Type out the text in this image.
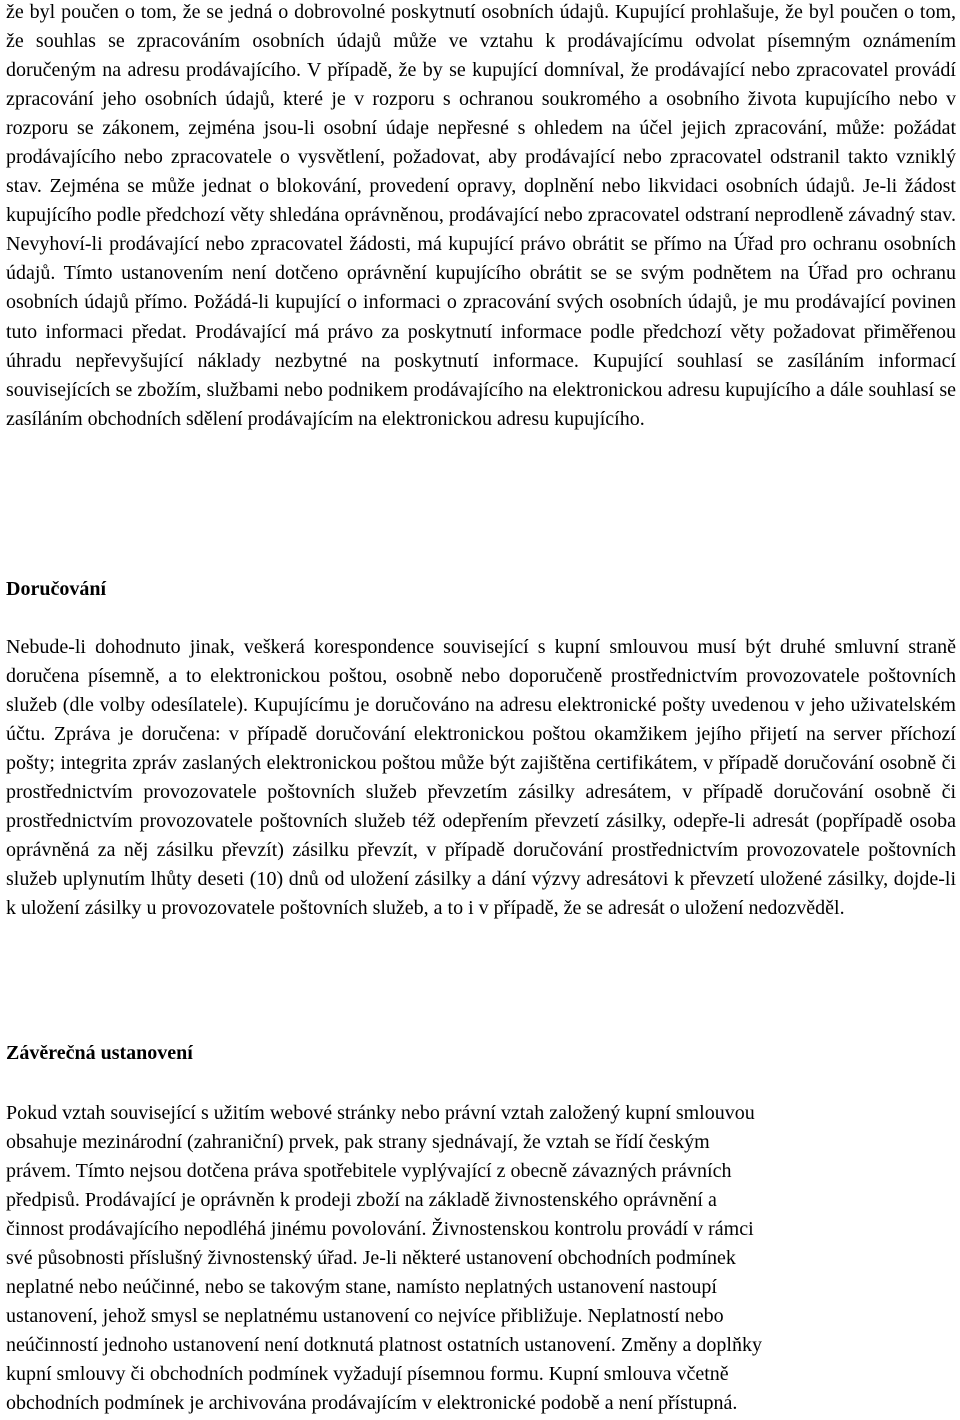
že byl poučen o tom, že se jedná o dobrovolné poskytnutí osobních údajů. Kupující prohlašuje, že byl poučen o tom, že souhlas se zpracováním osobních údajů může ve vztahu k prodávajícímu odvolat písemným oznámením doručeným na adresu prodávajícího. V případě, že by se kupující domníval, že prodávající nebo zpracovatel provádí zpracování jeho osobních údajů, které je v rozporu s ochranou soukromého a osobního života kupujícího nebo v rozporu se zákonem, zejména jsou-li osobní údaje nepřesné s ohledem na účel jejich zpracování, může: požádat prodávajícího nebo zpracovatele o vysvětlení, požadovat, aby prodávající nebo zpracovatel odstranil takto vzniklý stav. Zejména se může jednat o blokování, provedení opravy, doplnění nebo likvidaci osobních údajů. Je-li žádost kupujícího podle předchozí věty shledána oprávněnou, prodávající nebo zpracovatel odstraní neprodleně závadný stav. Nevyhoví-li prodávající nebo zpracovatel žádosti, má kupující právo obrátit se přímo na Úřad pro ochranu osobních údajů. Tímto ustanovením není dotčeno oprávnění kupujícího obrátit se se svým podnětem na Úřad pro ochranu osobních údajů přímo. Požádá-li kupující o informaci o zpracování svých osobních údajů, je mu prodávající povinen tuto informaci předat. Prodávající má právo za poskytnutí informace podle předchozí věty požadovat přiměřenou úhradu nepřevyšující náklady nezbytné na poskytnutí informace. Kupující souhlasí se zasíláním informací souvisejících se zbožím, službami nebo podnikem prodávajícího na elektronickou adresu kupujícího a dále souhlasí se zasíláním obchodních sdělení prodávajícím na elektronickou adresu kupujícího.

Doručování

Nebude-li dohodnuto jinak, veškerá korespondence související s kupní smlouvou musí být druhé smluvní straně doručena písemně, a to elektronickou poštou, osobně nebo doporučeně prostřednictvím provozovatele poštovních služeb (dle volby odesílatele). Kupujícímu je doručováno na adresu elektronické pošty uvedenou v jeho uživatelském účtu. Zpráva je doručena: v případě doručování elektronickou poštou okamžikem jejího přijetí na server příchozí pošty; integrita zpráv zaslaných elektronickou poštou může být zajištěna certifikátem, v případě doručování osobně či prostřednictvím provozovatele poštovních služeb převzetím zásilky adresátem, v případě doručování osobně či prostřednictvím provozovatele poštovních služeb též odepřením převzetí zásilky, odepře-li adresát (popřípadě osoba oprávněná za něj zásilku převzít) zásilku převzít, v případě doručování prostřednictvím provozovatele poštovních služeb uplynutím lhůty deseti (10) dnů od uložení zásilky a dání výzvy adresátovi k převzetí uložené zásilky, dojde-li k uložení zásilky u provozovatele poštovních služeb, a to i v případě, že se adresát o uložení nedozvěděl.

Závěrečná ustanovení
Pokud vztah související s užitím webové stránky nebo právní vztah založený kupní smlouvou
obsahuje mezinárodní (zahraniční) prvek, pak strany sjednávají, že vztah se řídí českým
právem. Tímto nejsou dotčena práva spotřebitele vyplývající z obecně závazných právních
předpisů. Prodávající je oprávněn k prodeji zboží na základě živnostenského oprávnění a
činnost prodávajícího nepodléhá jinému povolování. Živnostenskou kontrolu provádí v rámci
své působnosti příslušný živnostenský úřad. Je-li některé ustanovení obchodních podmínek
neplatné nebo neúčinné, nebo se takovým stane, namísto neplatných ustanovení nastoupí
ustanovení, jehož smysl se neplatnému ustanovení co nejvíce přibližuje. Neplatností nebo
neúčinností jednoho ustanovení není dotknutá platnost ostatních ustanovení. Změny a doplňky
kupní smlouvy či obchodních podmínek vyžadují písemnou formu. Kupní smlouva včetně
obchodních podmínek je archivována prodávajícím v elektronické podobě a není přístupná.
